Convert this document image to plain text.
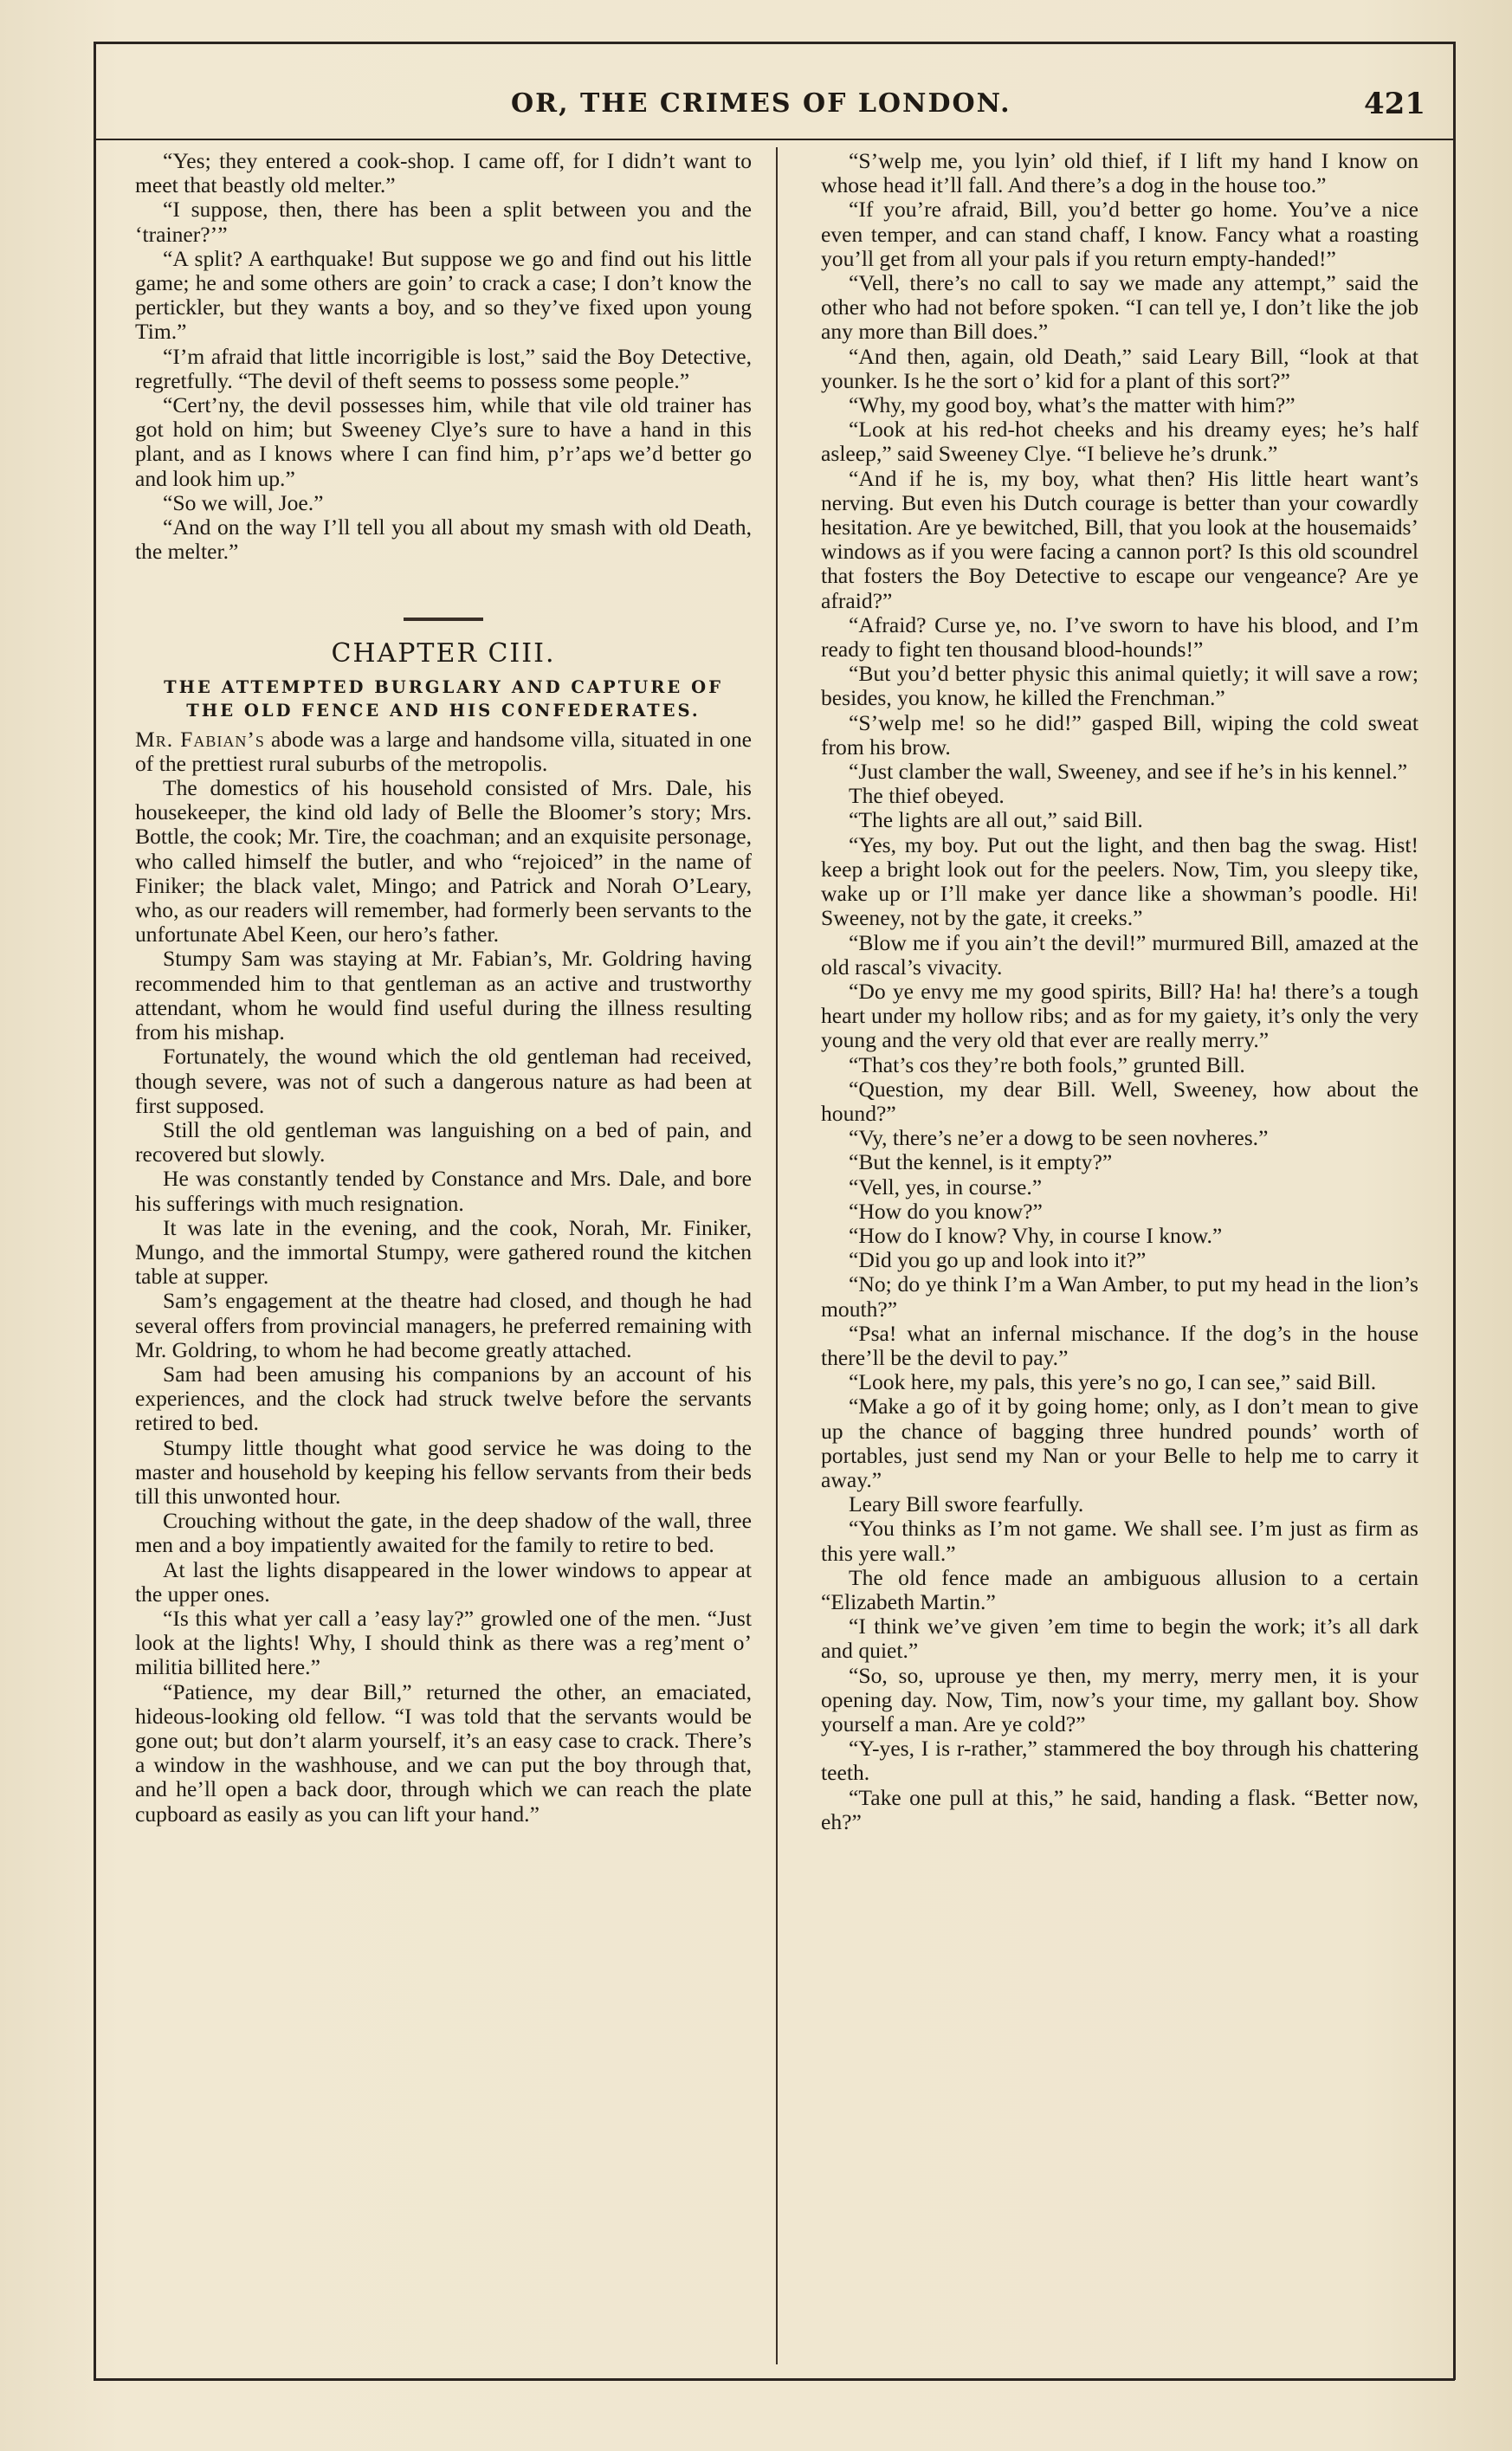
OR, THE CRIMES OF LONDON.	421

“Yes; they entered a cook-shop. I came off, for I didn’t want to meet that beastly old melter.”

“I suppose, then, there has been a split between you and the ‘trainer?’”

“A split? A earthquake! But suppose we go and find out his little game; he and some others are goin’ to crack a case; I don’t know the pertickler, but they wants a boy, and so they’ve fixed upon young Tim.”

“I’m afraid that little incorrigible is lost,” said the Boy Detective, regretfully. “The devil of theft seems to possess some people.”

“Cert’ny, the devil possesses him, while that vile old trainer has got hold on him; but Sweeney Clye’s sure to have a hand in this plant, and as I knows where I can find him, p’r’aps we’d better go and look him up.”

“So we will, Joe.”

“And on the way I’ll tell you all about my smash with old Death, the melter.”

CHAPTER CIII.
THE ATTEMPTED BURGLARY AND CAPTURE OF THE OLD FENCE AND HIS CONFEDERATES.

Mr. Fabian’s abode was a large and handsome villa, situated in one of the prettiest rural suburbs of the metropolis.

The domestics of his household consisted of Mrs. Dale, his housekeeper, the kind old lady of Belle the Bloomer’s story; Mrs. Bottle, the cook; Mr. Tire, the coachman; and an exquisite personage, who called himself the butler, and who “rejoiced” in the name of Finiker; the black valet, Mingo; and Patrick and Norah O’Leary, who, as our readers will remember, had formerly been servants to the unfortunate Abel Keen, our hero’s father.

Stumpy Sam was staying at Mr. Fabian’s, Mr. Goldring having recommended him to that gentleman as an active and trustworthy attendant, whom he would find useful during the illness resulting from his mishap.

Fortunately, the wound which the old gentleman had received, though severe, was not of such a dangerous nature as had been at first supposed.

Still the old gentleman was languishing on a bed of pain, and recovered but slowly.

He was constantly tended by Constance and Mrs. Dale, and bore his sufferings with much resignation.

It was late in the evening, and the cook, Norah, Mr. Finiker, Mungo, and the immortal Stumpy, were gathered round the kitchen table at supper.

Sam’s engagement at the theatre had closed, and though he had several offers from provincial managers, he preferred remaining with Mr. Goldring, to whom he had become greatly attached.

Sam had been amusing his companions by an account of his experiences, and the clock had struck twelve before the servants retired to bed.

Stumpy little thought what good service he was doing to the master and household by keeping his fellow servants from their beds till this unwonted hour.

Crouching without the gate, in the deep shadow of the wall, three men and a boy impatiently awaited for the family to retire to bed.

At last the lights disappeared in the lower windows to appear at the upper ones.

“Is this what yer call a ’easy lay?” growled one of the men. “Just look at the lights! Why, I should think as there was a reg’ment o’ militia billited here.”

“Patience, my dear Bill,” returned the other, an emaciated, hideous-looking old fellow. “I was told that the servants would be gone out; but don’t alarm yourself, it’s an easy case to crack. There’s a window in the washhouse, and we can put the boy through that, and he’ll open a back door, through which we can reach the plate cupboard as easily as you can lift your hand.”

“S’welp me, you lyin’ old thief, if I lift my hand I know on whose head it’ll fall. And there’s a dog in the house too.”

“If you’re afraid, Bill, you’d better go home. You’ve a nice even temper, and can stand chaff, I know. Fancy what a roasting you’ll get from all your pals if you return empty-handed!”

“Vell, there’s no call to say we made any attempt,” said the other who had not before spoken. “I can tell ye, I don’t like the job any more than Bill does.”

“And then, again, old Death,” said Leary Bill, “look at that younker. Is he the sort o’ kid for a plant of this sort?”

“Why, my good boy, what’s the matter with him?”

“Look at his red-hot cheeks and his dreamy eyes; he’s half asleep,” said Sweeney Clye. “I believe he’s drunk.”

“And if he is, my boy, what then? His little heart want’s nerving. But even his Dutch courage is better than your cowardly hesitation. Are ye bewitched, Bill, that you look at the housemaids’ windows as if you were facing a cannon port? Is this old scoundrel that fosters the Boy Detective to escape our vengeance? Are ye afraid?”

“Afraid? Curse ye, no. I’ve sworn to have his blood, and I’m ready to fight ten thousand blood-hounds!”

“But you’d better physic this animal quietly; it will save a row; besides, you know, he killed the Frenchman.”

“S’welp me! so he did!” gasped Bill, wiping the cold sweat from his brow.

“Just clamber the wall, Sweeney, and see if he’s in his kennel.”

The thief obeyed.

“The lights are all out,” said Bill.

“Yes, my boy. Put out the light, and then bag the swag. Hist! keep a bright look out for the peelers. Now, Tim, you sleepy tike, wake up or I’ll make yer dance like a showman’s poodle. Hi! Sweeney, not by the gate, it creeks.”

“Blow me if you ain’t the devil!” murmured Bill, amazed at the old rascal’s vivacity.

“Do ye envy me my good spirits, Bill? Ha! ha! there’s a tough heart under my hollow ribs; and as for my gaiety, it’s only the very young and the very old that ever are really merry.”

“That’s cos they’re both fools,” grunted Bill.

“Question, my dear Bill. Well, Sweeney, how about the hound?”

“Vy, there’s ne’er a dowg to be seen novheres.”

“But the kennel, is it empty?”

“Vell, yes, in course.”

“How do you know?”

“How do I know? Vhy, in course I know.”

“Did you go up and look into it?”

“No; do ye think I’m a Wan Amber, to put my head in the lion’s mouth?”

“Psa! what an infernal mischance. If the dog’s in the house there’ll be the devil to pay.”

“Look here, my pals, this yere’s no go, I can see,” said Bill.

“Make a go of it by going home; only, as I don’t mean to give up the chance of bagging three hundred pounds’ worth of portables, just send my Nan or your Belle to help me to carry it away.”

Leary Bill swore fearfully.

“You thinks as I’m not game. We shall see. I’m just as firm as this yere wall.”

The old fence made an ambiguous allusion to a certain “Elizabeth Martin.”

“I think we’ve given ’em time to begin the work; it’s all dark and quiet.”

“So, so, uprouse ye then, my merry, merry men, it is your opening day. Now, Tim, now’s your time, my gallant boy. Show yourself a man. Are ye cold?”

“Y-yes, I is r-rather,” stammered the boy through his chattering teeth.

“Take one pull at this,” he said, handing a flask. “Better now, eh?”
